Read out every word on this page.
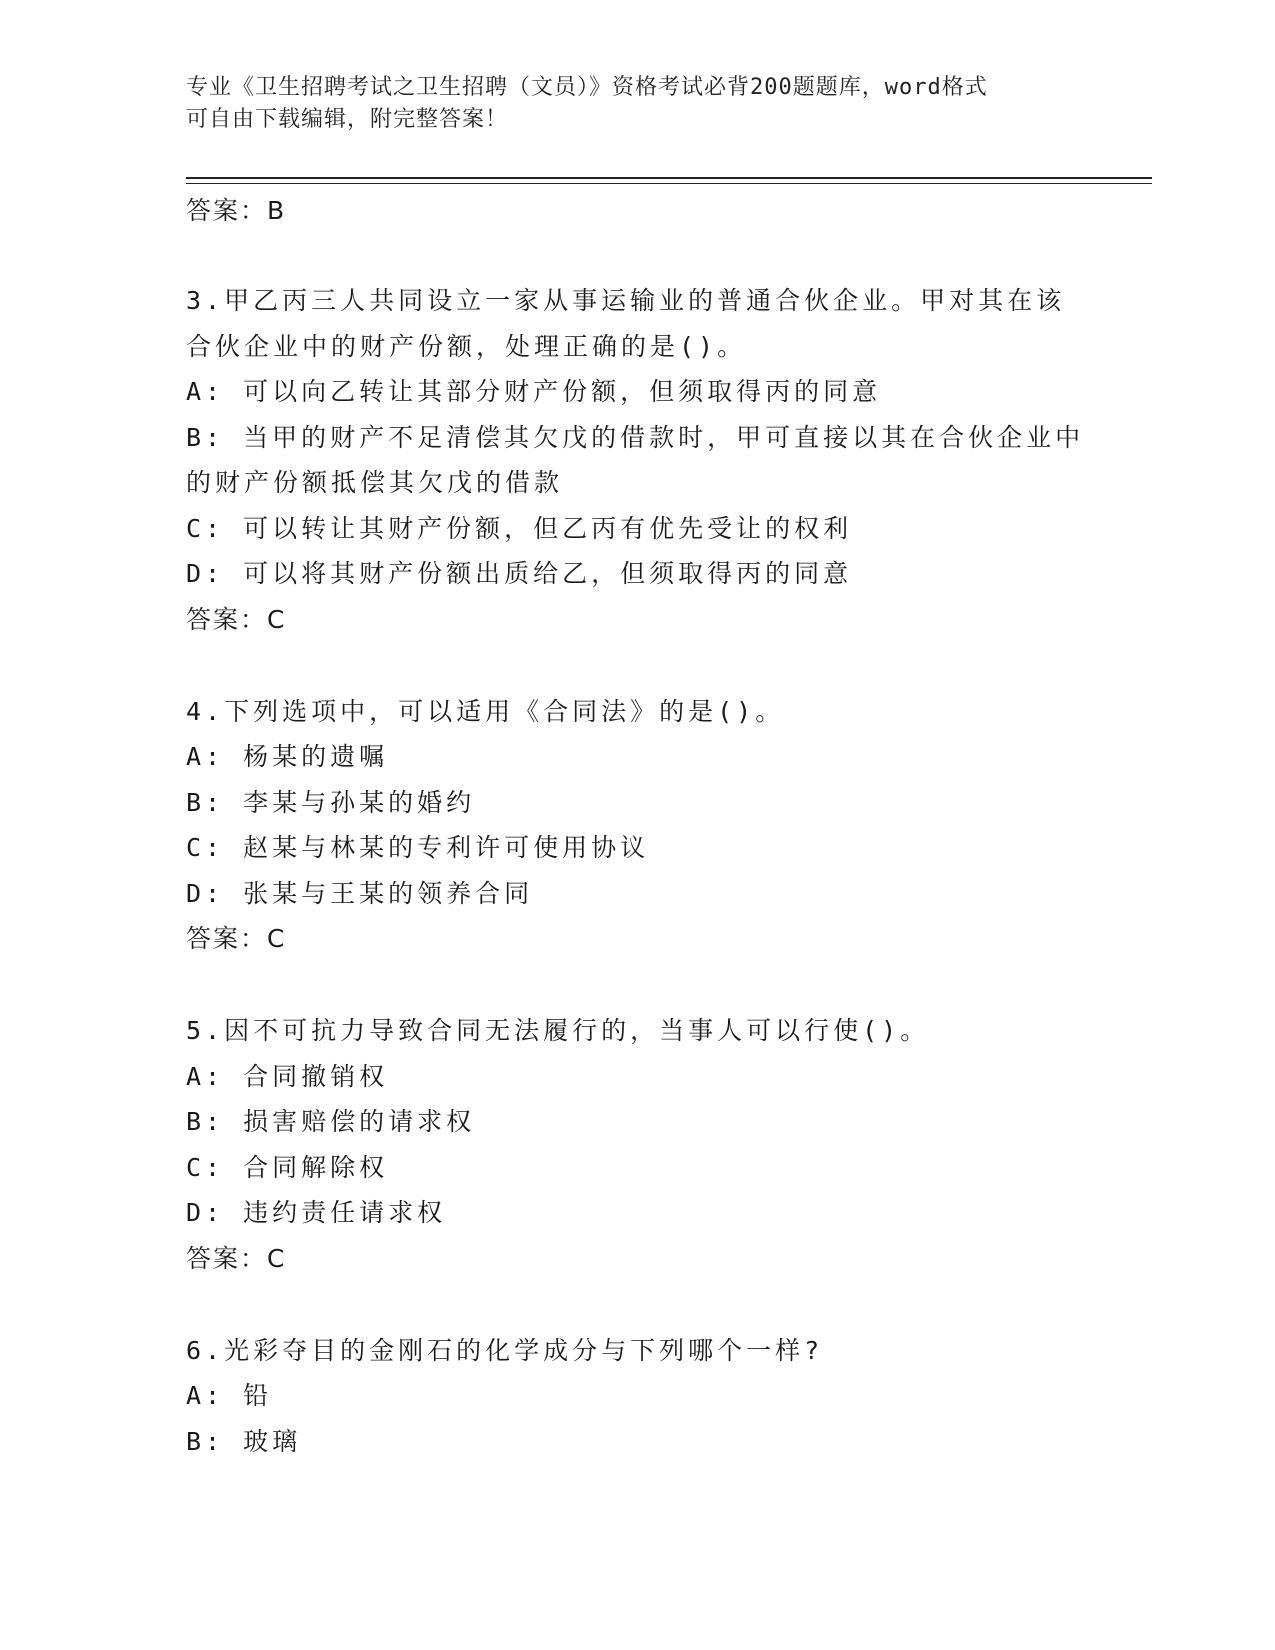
专业《卫生招聘考试之卫生招聘（文员）》资格考试必背200题题库，word格式
可自由下载编辑，附完整答案！
答案：B
3.甲乙丙三人共同设立一家从事运输业的普通合伙企业。甲对其在该
合伙企业中的财产份额，处理正确的是()。
A: 可以向乙转让其部分财产份额，但须取得丙的同意
B: 当甲的财产不足清偿其欠戊的借款时，甲可直接以其在合伙企业中
的财产份额抵偿其欠戊的借款
C: 可以转让其财产份额，但乙丙有优先受让的权利
D: 可以将其财产份额出质给乙，但须取得丙的同意
答案：C
4.下列选项中，可以适用《合同法》的是()。
A: 杨某的遗嘱
B: 李某与孙某的婚约
C: 赵某与林某的专利许可使用协议
D: 张某与王某的领养合同
答案：C
5.因不可抗力导致合同无法履行的，当事人可以行使()。
A: 合同撤销权
B: 损害赔偿的请求权
C: 合同解除权
D: 违约责任请求权
答案：C
6.光彩夺目的金刚石的化学成分与下列哪个一样?
A: 铅
B: 玻璃
